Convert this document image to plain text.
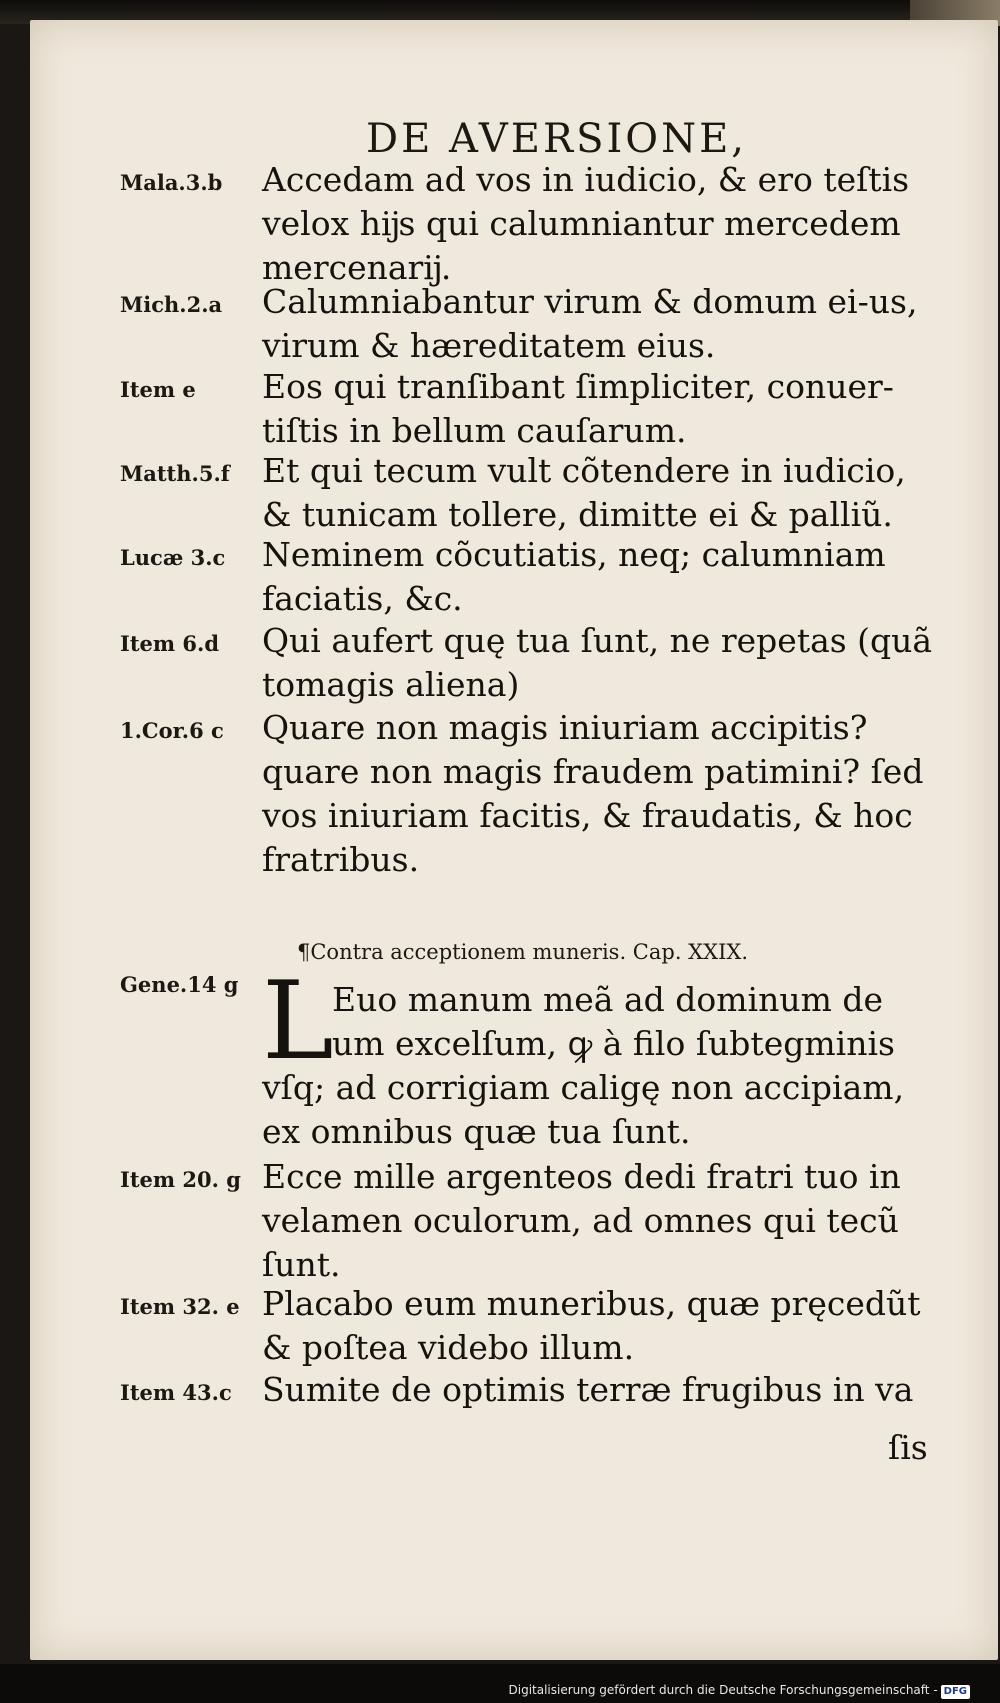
DE AVERSIONE,
Mala.3.b Accedam ad vos in iudicio, & ero teſtis velox hĳs qui calumniantur mercedem mercenarĳ.

Mich.2.a Calumniabantur virum & domum ei-us, virum & hæreditatem eius.

Item e Eos qui tranſibant ſimpliciter, conuer-tiſtis in bellum cauſarum.

Matth.5.f Et qui tecum vult cõtendere in iudicio, & tunicam tollere, dimitte ei & palliũ.

Lucæ 3.c Neminem cõcutiatis, neq; calumniam faciatis, &c.

Item 6.d Qui aufert quę tua ſunt, ne repetas (quã tomagis aliena)

1.Cor.6 c Quare non magis iniuriam accipitis? quare non magis fraudem patimini? ſed vos iniuriam facitis, & fraudatis, & hoc fratribus.

¶Contra acceptionem muneris. Cap. XXIX.
Gene.14 g L
Euo manum meã ad dominum de
um excelſum, ꝙ à filo ſubtegminis
vſq; ad corrigiam caligę non accipiam,
ex omnibus quæ tua ſunt.
Item 20. g Ecce mille argenteos dedi fratri tuo in velamen oculorum, ad omnes qui tecũ ſunt.

Item 32. e Placabo eum muneribus, quæ pręcedũt & poſtea videbo illum.

Item 43.c Sumite de optimis terræ frugibus in va

ſis
Digitalisierung gefördert durch die Deutsche Forschungsgemeinschaft - DFG
